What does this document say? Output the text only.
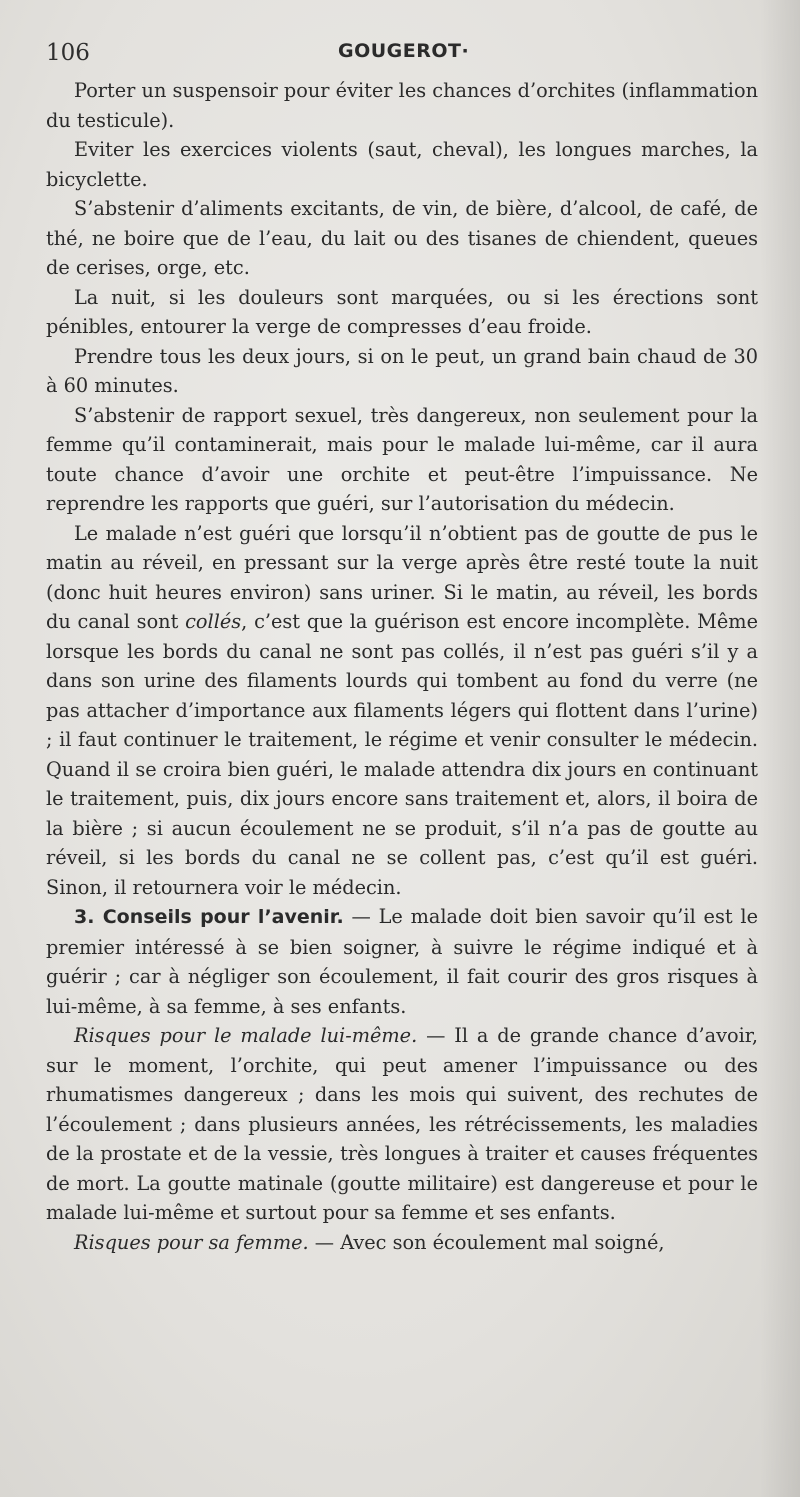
106	GOUGEROT·

Porter un suspensoir pour éviter les chances d’orchites (inflammation du testicule).

Eviter les exercices violents (saut, cheval), les longues marches, la bicyclette.

S’abstenir d’aliments excitants, de vin, de bière, d’alcool, de café, de thé, ne boire que de l’eau, du lait ou des tisanes de chiendent, queues de cerises, orge, etc.

La nuit, si les douleurs sont marquées, ou si les érections sont pénibles, entourer la verge de compresses d’eau froide.

Prendre tous les deux jours, si on le peut, un grand bain chaud de 30 à 60 minutes.

S’abstenir de rapport sexuel, très dangereux, non seulement pour la femme qu’il contaminerait, mais pour le malade lui-même, car il aura toute chance d’avoir une orchite et peut-être l’impuissance. Ne reprendre les rapports que guéri, sur l’autorisation du médecin.

Le malade n’est guéri que lorsqu’il n’obtient pas de goutte de pus le matin au réveil, en pressant sur la verge après être resté toute la nuit (donc huit heures environ) sans uriner. Si le matin, au réveil, les bords du canal sont collés, c’est que la guérison est encore incomplète. Même lorsque les bords du canal ne sont pas collés, il n’est pas guéri s’il y a dans son urine des filaments lourds qui tombent au fond du verre (ne pas attacher d’importance aux filaments légers qui flottent dans l’urine) ; il faut continuer le traitement, le régime et venir consulter le médecin. Quand il se croira bien guéri, le malade attendra dix jours en continuant le traitement, puis, dix jours encore sans traitement et, alors, il boira de la bière ; si aucun écoulement ne se produit, s’il n’a pas de goutte au réveil, si les bords du canal ne se collent pas, c’est qu’il est guéri. Sinon, il retournera voir le médecin.

3. Conseils pour l’avenir. — Le malade doit bien savoir qu’il est le premier intéressé à se bien soigner, à suivre le régime indiqué et à guérir ; car à négliger son écoulement, il fait courir des gros risques à lui-même, à sa femme, à ses enfants.

Risques pour le malade lui-même. — Il a de grande chance d’avoir, sur le moment, l’orchite, qui peut amener l’impuissance ou des rhumatismes dangereux ; dans les mois qui suivent, des rechutes de l’écoulement ; dans plusieurs années, les rétrécissements, les maladies de la prostate et de la vessie, très longues à traiter et causes fréquentes de mort. La goutte matinale (goutte militaire) est dangereuse et pour le malade lui-même et surtout pour sa femme et ses enfants.

Risques pour sa femme. — Avec son écoulement mal soigné,
